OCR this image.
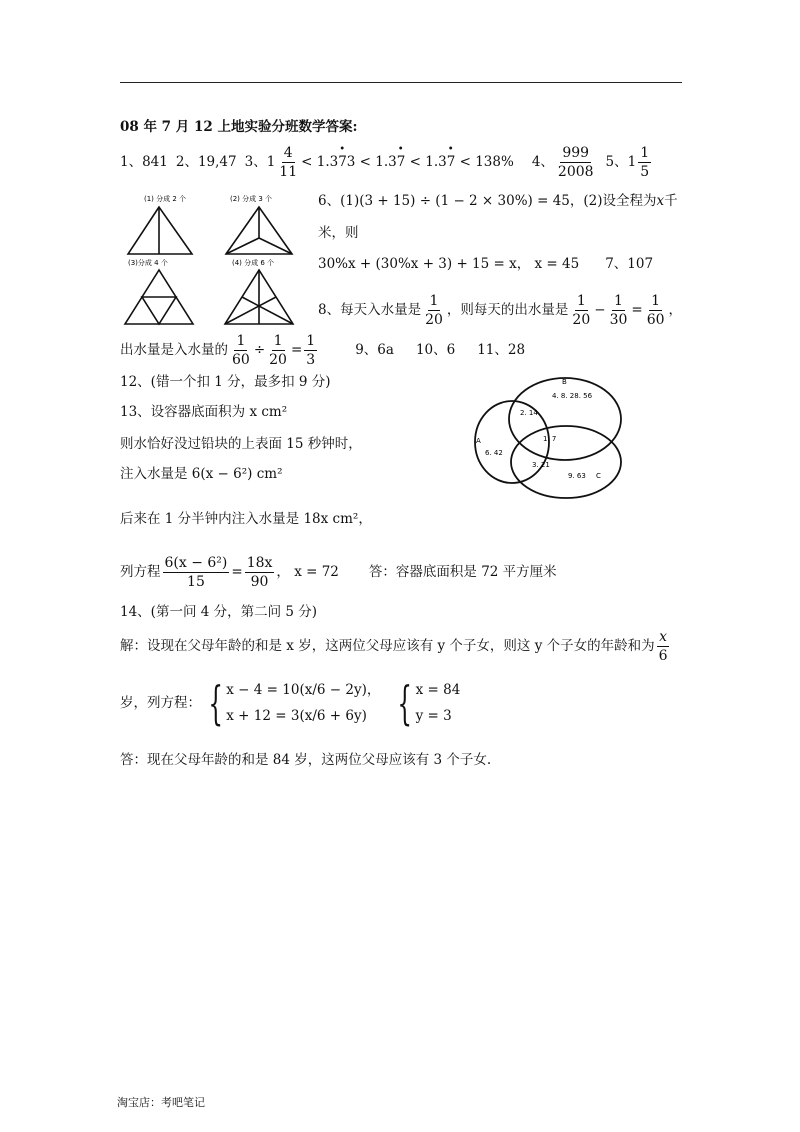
08 年 7 月 12 上地实验分班数学答案:
1、841 2、19,47 3、$1 \frac{4}{11}$ < 1.3• 73 < 1.3• 7 < 1.3• 7 < 138% 4、 $\frac{999}{2008} 5$、$1 \frac{1}{5}$
(1) 分成 2 个	(2) 分成 3 个
(3)分成 4 个	(4) 分成 6 个
6、(1)(3 + 15) ÷ (1 − 2 × 30%) = 45，(2)设全程为x千
米，则
30%x + (30%x + 3) + 15 = x， x = 45 7、107
8、每天入水量是 $\frac{1}{20}$ ，则每天的出水量是 $\frac{1}{20} - \frac{1}{30} = \frac{1}{60}$ ，
出水量是入水量的 $\frac{1}{60} \div \frac{1}{20} = \frac{1}{3}$	9、6a 10、6 11、28
12、(错一个扣 1 分，最多扣 9 分)
A
B
C
4. 8. 28. 56
2. 14
1. 7
6. 42
3. 21
9. 63
13、设容器底面积为 x cm²
则水恰好没过铅块的上表面 15 秒钟时，
注入水量是 6(x − 6²) cm²
后来在 1 分半钟内注入水量是 18x cm²，
列方程 $\frac{\text{6(x − 6²)}}{15} = \frac{18x}{90}$ ， x = 72 答：容器底面积是 72 平方厘米
14、(第一问 4 分，第二问 5 分)
解：设现在父母年龄的和是 x 岁，这两位父母应该有 y 个子女，则这 y 个子女的年龄和为 $\frac{x}{6}$
岁，列方程： { x − 4 = 10(x/6 − 2y)，
x + 12 = 3(x/6 + 6y) { x = 84
y = 3
答：现在父母年龄的和是 84 岁，这两位父母应该有 3 个子女.
淘宝店：考吧笔记
